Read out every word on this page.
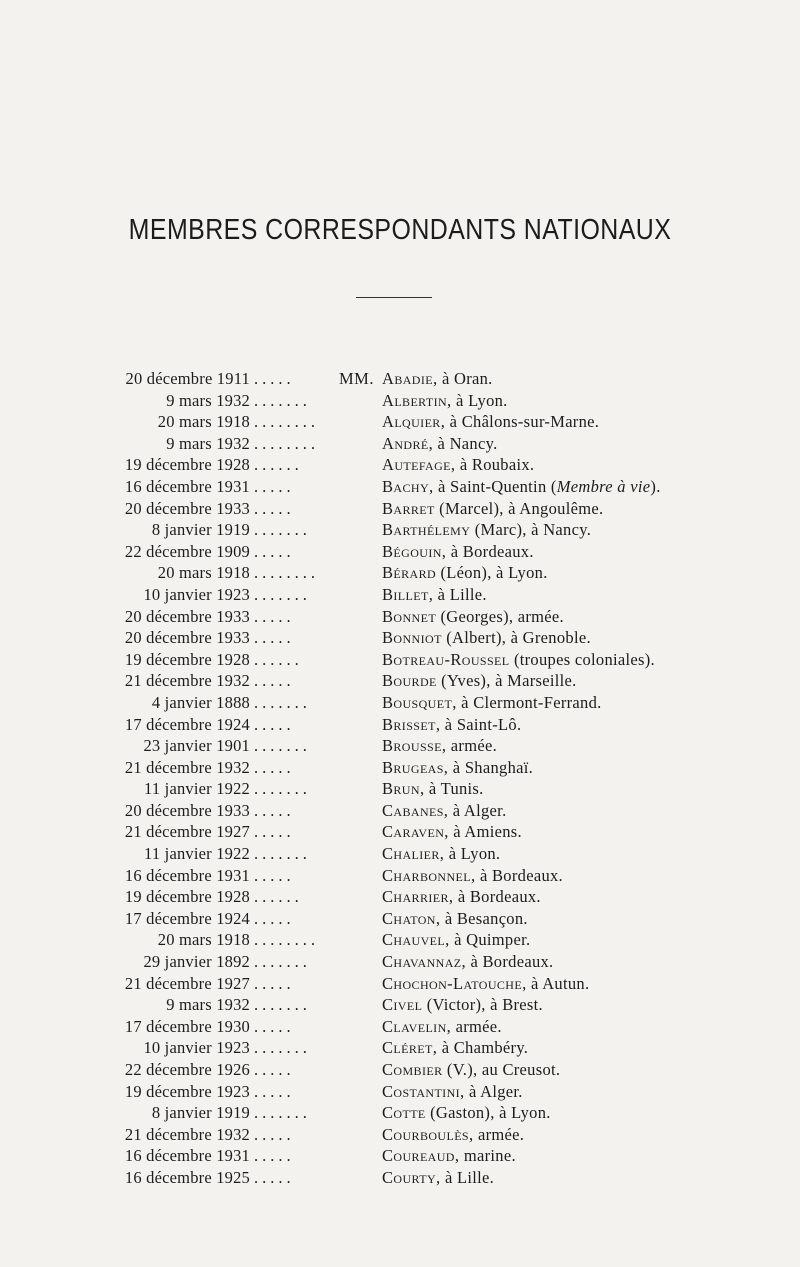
MEMBRES CORRESPONDANTS NATIONAUX
20 décembre 1911 .....	MM. Abadie, à Oran.
9 mars 1932 .......	Albertin, à Lyon.
20 mars 1918 ........	Alquier, à Châlons-sur-Marne.
9 mars 1932 ........	André, à Nancy.
19 décembre 1928 ......	Autefage, à Roubaix.
16 décembre 1931 .....	Bachy, à Saint-Quentin (Membre à vie).
20 décembre 1933 .....	Barret (Marcel), à Angoulême.
8 janvier 1919 .......	Barthélemy (Marc), à Nancy.
22 décembre 1909 .....	Bégouin, à Bordeaux.
20 mars 1918 ........	Bérard (Léon), à Lyon.
10 janvier 1923 .......	Billet, à Lille.
20 décembre 1933 .....	Bonnet (Georges), armée.
20 décembre 1933 .....	Bonniot (Albert), à Grenoble.
19 décembre 1928 ......	Botreau-Roussel (troupes coloniales).
21 décembre 1932 .....	Bourde (Yves), à Marseille.
4 janvier 1888 .......	Bousquet, à Clermont-Ferrand.
17 décembre 1924 .....	Brisset, à Saint-Lô.
23 janvier 1901 .......	Brousse, armée.
21 décembre 1932 .....	Brugeas, à Shanghaï.
11 janvier 1922 .......	Brun, à Tunis.
20 décembre 1933 .....	Cabanes, à Alger.
21 décembre 1927 .....	Caraven, à Amiens.
11 janvier 1922 .......	Chalier, à Lyon.
16 décembre 1931 .....	Charbonnel, à Bordeaux.
19 décembre 1928 ......	Charrier, à Bordeaux.
17 décembre 1924 .....	Chaton, à Besançon.
20 mars 1918 ........	Chauvel, à Quimper.
29 janvier 1892 .......	Chavannaz, à Bordeaux.
21 décembre 1927 .....	Chochon-Latouche, à Autun.
9 mars 1932 .......	Civel (Victor), à Brest.
17 décembre 1930 .....	Clavelin, armée.
10 janvier 1923 .......	Cléret, à Chambéry.
22 décembre 1926 .....	Combier (V.), au Creusot.
19 décembre 1923 .....	Costantini, à Alger.
8 janvier 1919 .......	Cotte (Gaston), à Lyon.
21 décembre 1932 .....	Courboulès, armée.
16 décembre 1931 .....	Coureaud, marine.
16 décembre 1925 .....	Courty, à Lille.
